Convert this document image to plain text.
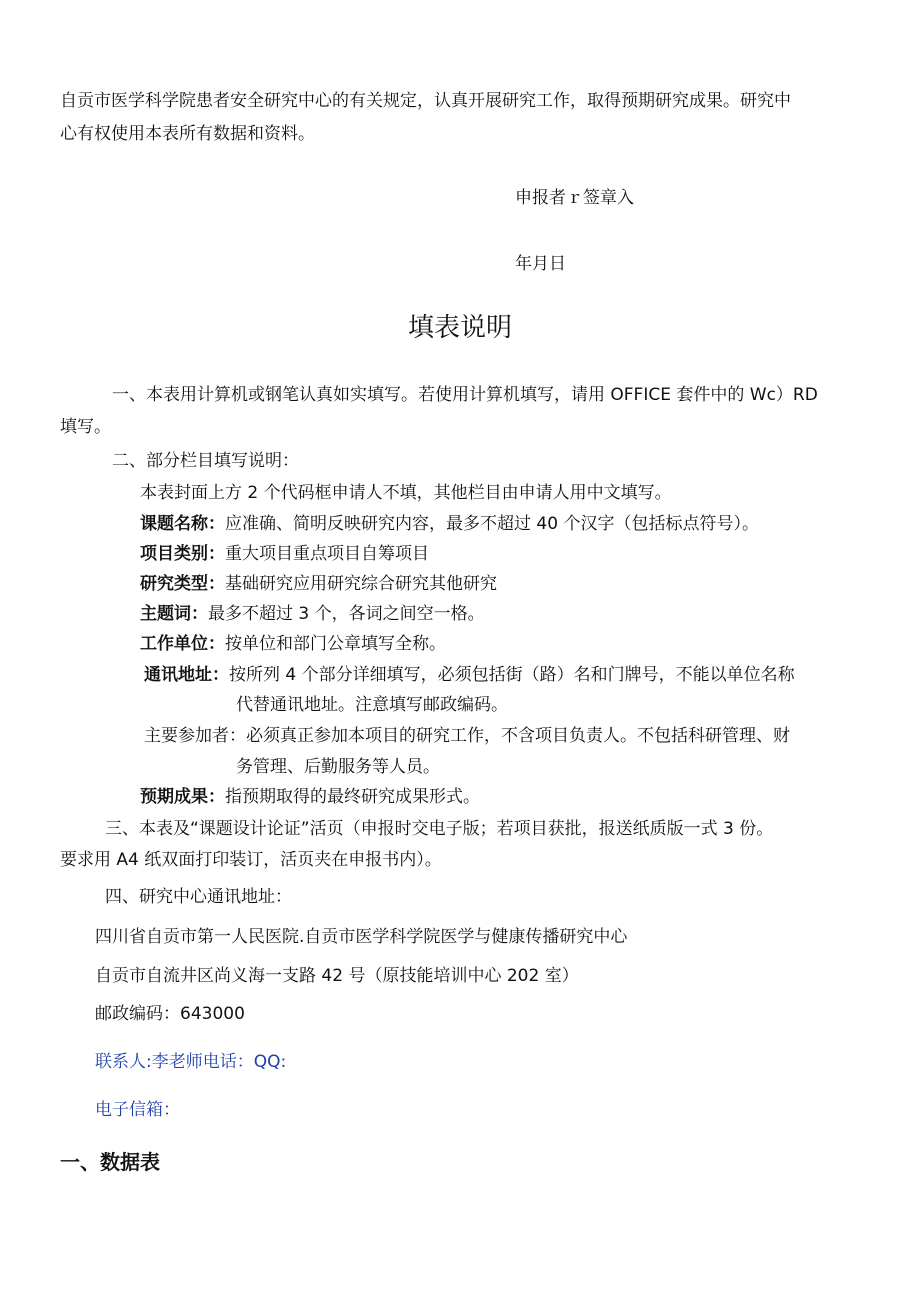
自贡市医学科学院患者安全研究中心的有关规定，认真开展研究工作，取得预期研究成果。研究中
心有权使用本表所有数据和资料。
申报者ｒ签章入
年月日
填表说明
一、本表用计算机或钢笔认真如实填写。若使用计算机填写，请用 OFFICE 套件中的 Wc）RD
填写。
二、部分栏目填写说明：
本表封面上方 2 个代码框申请人不填，其他栏目由申请人用中文填写。
课题名称：应准确、简明反映研究内容，最多不超过 40 个汉字（包括标点符号）。
项目类别：重大项目重点项目自筹项目
研究类型：基础研究应用研究综合研究其他研究
主题词：最多不超过 3 个，各词之间空一格。
工作单位：按单位和部门公章填写全称。
通讯地址：按所列 4 个部分详细填写，必须包括街（路）名和门牌号，不能以单位名称
代替通讯地址。注意填写邮政编码。
主要参加者：必须真正参加本项目的研究工作，不含项目负责人。不包括科研管理、财
务管理、后勤服务等人员。
预期成果：指预期取得的最终研究成果形式。
三、本表及“课题设计论证”活页（申报时交电子版；若项目获批，报送纸质版一式 3 份。
要求用 A4 纸双面打印装订，活页夹在申报书内）。
四、研究中心通讯地址：
四川省自贡市第一人民医院.自贡市医学科学院医学与健康传播研究中心
自贡市自流井区尚义海一支路 42 号（原技能培训中心 202 室）
邮政编码：643000
联系人:李老师电话：QQ:
电子信箱：
一、数据表
